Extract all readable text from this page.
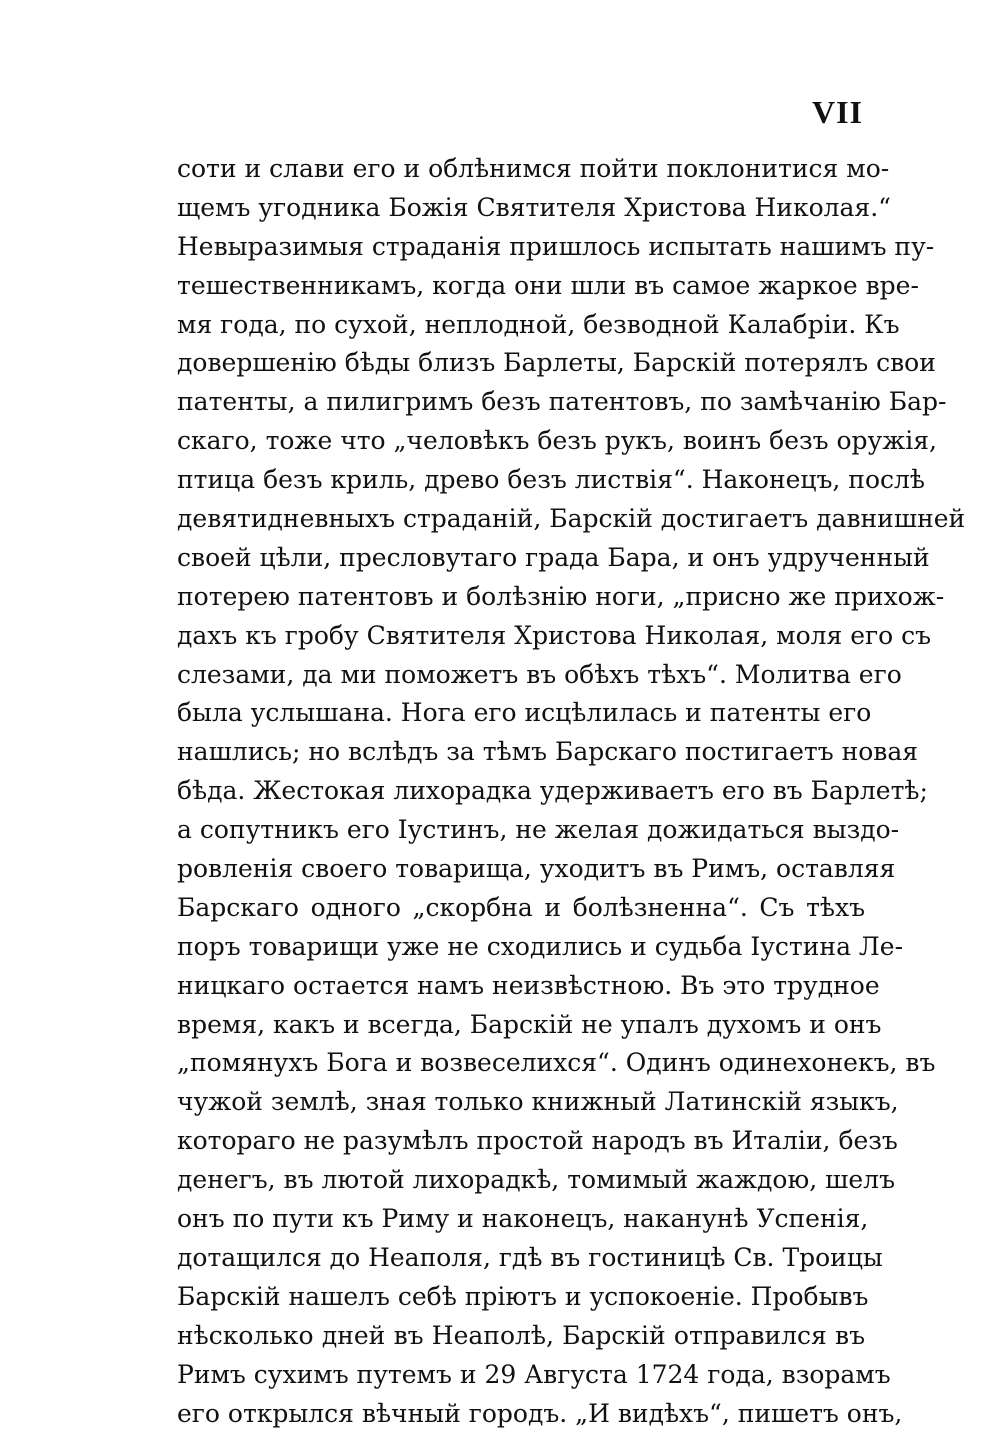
VII
соти и слави его и облѣнимся пойти поклонитися мо-
щемъ угодника Божія Святителя Христова Николая.“
Невыразимыя страданія пришлось испытать нашимъ пу-
тешественникамъ, когда они шли въ самое жаркое вре-
мя года, по сухой, неплодной, безводной Калабріи. Къ
довершенію бѣды близъ Барлеты, Барскій потерялъ свои
патенты, а пилигримъ безъ патентовъ, по замѣчанію Бар-
скаго, тоже что „человѣкъ безъ рукъ, воинъ безъ оружія,
птица безъ криль, древо безъ листвія“. Наконецъ, послѣ
девятидневныхъ страданій, Барскій достигаетъ давнишней
своей цѣли, пресловутаго града Бара, и онъ удрученный
потерею патентовъ и болѣзнію ноги, „присно же прихож-
дахъ къ гробу Святителя Христова Николая, моля его съ
слезами, да ми поможетъ въ обѣхъ тѣхъ“. Молитва его
была услышана. Нога его исцѣлилась и патенты его
нашлись; но вслѣдъ за тѣмъ Барскаго постигаетъ новая
бѣда. Жестокая лихорадка удерживаетъ его въ Барлетѣ;
а сопутникъ его Іустинъ, не желая дожидаться выздо-
ровленія своего товарища, уходитъ въ Римъ, оставляя
Барскаго одного „скорбна и болѣзненна“. Съ тѣхъ
поръ товарищи уже не сходились и судьба Іустина Ле-
ницкаго остается намъ неизвѣстною. Въ это трудное
время, какъ и всегда, Барскій не упалъ духомъ и онъ
„помянухъ Бога и возвеселихся“. Одинъ одинехонекъ, въ
чужой землѣ, зная только книжный Латинскій языкъ,
котораго не разумѣлъ простой народъ въ Италіи, безъ
денегъ, въ лютой лихорадкѣ, томимый жаждою, шелъ
онъ по пути къ Риму и наконецъ, наканунѣ Успенія,
дотащился до Неаполя, гдѣ въ гостиницѣ Св. Троицы
Барскій нашелъ себѣ пріютъ и успокоеніе. Пробывъ
нѣсколько дней въ Неаполѣ, Барскій отправился въ
Римъ сухимъ путемъ и 29 Августа 1724 года, взорамъ
его открылся вѣчный городъ. „И видѣхъ“, пишетъ онъ,
